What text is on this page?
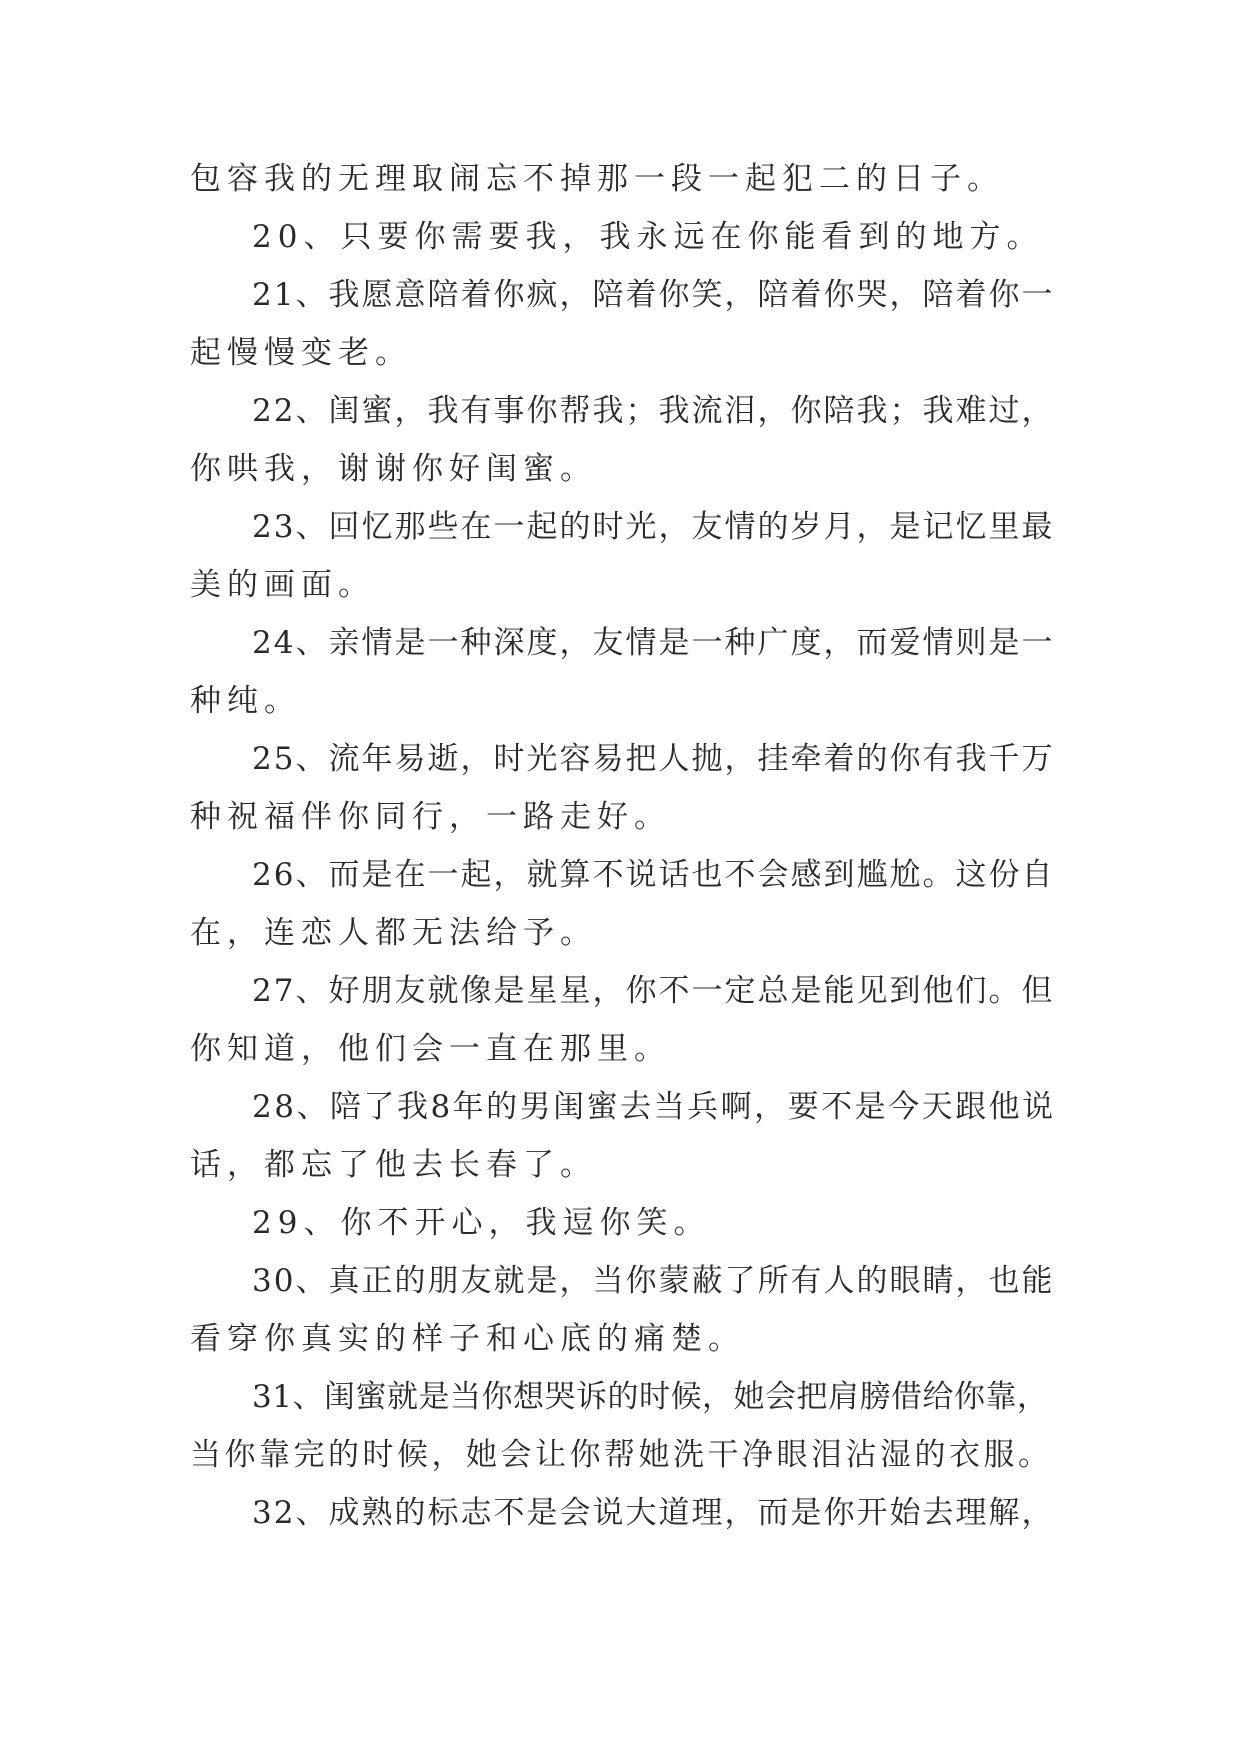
包容我的无理取闹忘不掉那一段一起犯二的日子。
20、只要你需要我，我永远在你能看到的地方。
21、我愿意陪着你疯，陪着你笑，陪着你哭，陪着你一
起慢慢变老。
22、闺蜜，我有事你帮我；我流泪，你陪我；我难过，
你哄我，谢谢你好闺蜜。
23、回忆那些在一起的时光，友情的岁月，是记忆里最
美的画面。
24、亲情是一种深度，友情是一种广度，而爱情则是一
种纯。
25、流年易逝，时光容易把人抛，挂牵着的你有我千万
种祝福伴你同行，一路走好。
26、而是在一起，就算不说话也不会感到尴尬。这份自
在，连恋人都无法给予。
27、好朋友就像是星星，你不一定总是能见到他们。但
你知道，他们会一直在那里。
28、陪了我8年的男闺蜜去当兵啊，要不是今天跟他说
话，都忘了他去长春了。
29、你不开心，我逗你笑。
30、真正的朋友就是，当你蒙蔽了所有人的眼睛，也能
看穿你真实的样子和心底的痛楚。
31、闺蜜就是当你想哭诉的时候，她会把肩膀借给你靠，
当你靠完的时候，她会让你帮她洗干净眼泪沾湿的衣服。
32、成熟的标志不是会说大道理，而是你开始去理解，
